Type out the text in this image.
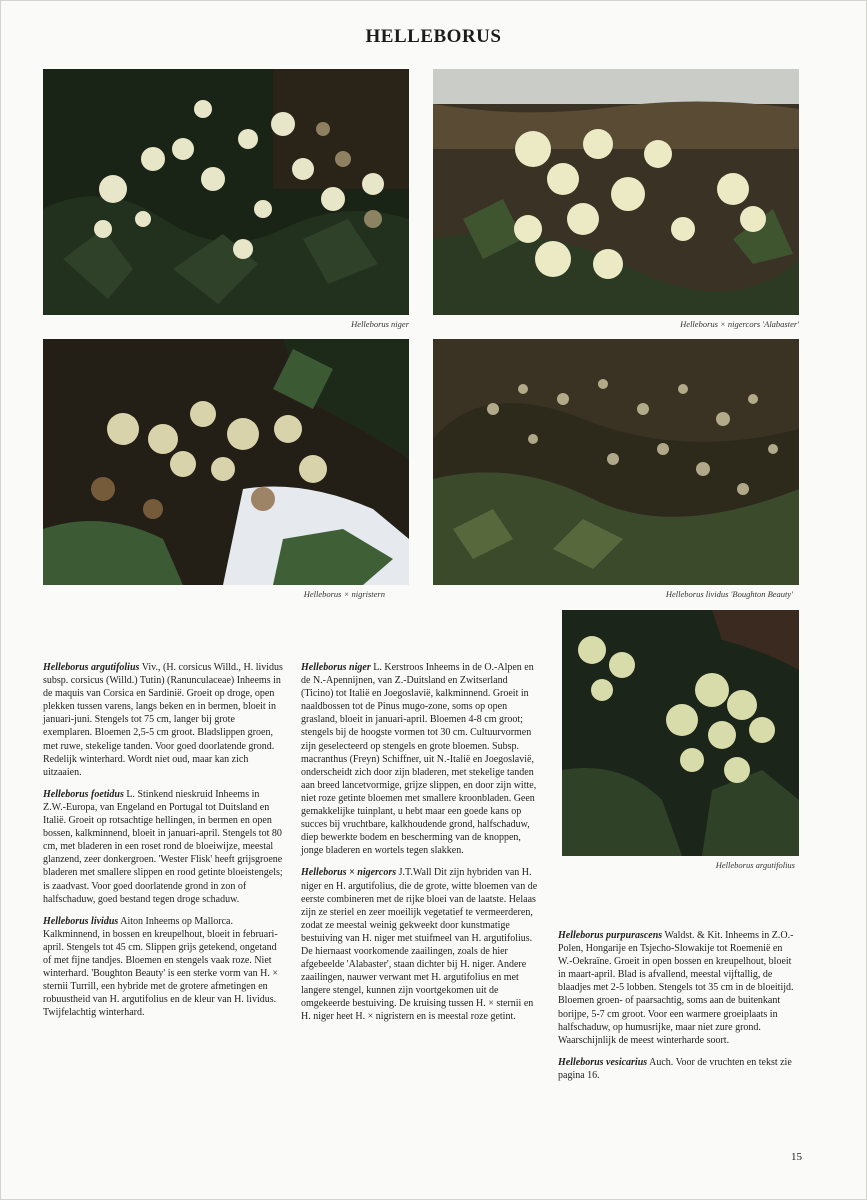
HELLEBORUS
Helleborus niger	Helleborus × nigercors 'Alabaster'
Helleborus × nigristern	Helleborus lividus 'Boughton Beauty'
Helleborus argutifolius

Helleborus argutifolius Viv., (H. corsicus Willd., H. lividus subsp. corsicus (Willd.) Tutin) (Ranunculaceae) Inheems in de maquis van Corsica en Sardinië. Groeit op droge, open plekken tussen varens, langs beken en in bermen, bloeit in januari-juni. Stengels tot 75 cm, langer bij grote exemplaren. Bloemen 2,5-5 cm groot. Bladslippen groen, met ruwe, stekelige tanden. Voor goed doorlatende grond. Redelijk winterhard. Wordt niet oud, maar kan zich uitzaaien.

Helleborus foetidus L. Stinkend nieskruid Inheems in Z.W.-Europa, van Engeland en Portugal tot Duitsland en Italië. Groeit op rotsachtige hellingen, in bermen en open bossen, kalkminnend, bloeit in januari-april. Stengels tot 80 cm, met bladeren in een roset rond de bloeiwijze, meestal glanzend, zeer donkergroen. 'Wester Flisk' heeft grijsgroene bladeren met smallere slippen en rood getinte bloeistengels; is zaadvast. Voor goed doorlatende grond in zon of halfschaduw, goed bestand tegen droge schaduw.

Helleborus lividus Aiton Inheems op Mallorca. Kalkminnend, in bossen en kreupelhout, bloeit in februari-april. Stengels tot 45 cm. Slippen grijs getekend, ongetand of met fijne tandjes. Bloemen en stengels vaak roze. Niet winterhard. 'Boughton Beauty' is een sterke vorm van H. × sternii Turrill, een hybride met de grotere afmetingen en robuustheid van H. argutifolius en de kleur van H. lividus. Twijfelachtig winterhard.

Helleborus niger L. Kerstroos Inheems in de O.-Alpen en de N.-Apennijnen, van Z.-Duitsland en Zwitserland (Ticino) tot Italië en Joegoslavië, kalkminnend. Groeit in naaldbossen tot de Pinus mugo-zone, soms op open grasland, bloeit in januari-april. Bloemen 4-8 cm groot; stengels bij de hoogste vormen tot 30 cm. Cultuurvormen zijn geselecteerd op stengels en grote bloemen. Subsp. macranthus (Freyn) Schiffner, uit N.-Italië en Joegoslavië, onderscheidt zich door zijn bladeren, met stekelige tanden aan breed lancetvormige, grijze slippen, en door zijn witte, niet roze getinte bloemen met smallere kroonbladen. Geen gemakkelijke tuinplant, u hebt maar een goede kans op succes bij vruchtbare, kalkhoudende grond, halfschaduw, diep bewerkte bodem en bescherming van de knoppen, jonge bladeren en wortels tegen slakken.

Helleborus × nigercors J.T.Wall Dit zijn hybriden van H. niger en H. argutifolius, die de grote, witte bloemen van de eerste combineren met de rijke bloei van de laatste. Helaas zijn ze steriel en zeer moeilijk vegetatief te vermeerderen, zodat ze meestal weinig gekweekt door kunstmatige bestuiving van H. niger met stuifmeel van H. argutifolius. De hiernaast voorkomende zaailingen, zoals de hier afgebeelde 'Alabaster', staan dichter bij H. niger. Andere zaailingen, nauwer verwant met H. argutifolius en met langere stengel, kunnen zijn voortgekomen uit de omgekeerde bestuiving. De kruising tussen H. × sternii en H. niger heet H. × nigristern en is meestal roze getint.

Helleborus purpurascens Waldst. & Kit. Inheems in Z.O.-Polen, Hongarije en Tsjecho-Slowakije tot Roemenië en W.-Oekraïne. Groeit in open bossen en kreupelhout, bloeit in maart-april. Blad is afvallend, meestal vijftallig, de blaadjes met 2-5 lobben. Stengels tot 35 cm in de bloeitijd. Bloemen groen- of paarsachtig, soms aan de buitenkant borijpe, 5-7 cm groot. Voor een warmere groeiplaats in halfschaduw, op humusrijke, maar niet zure grond. Waarschijnlijk de meest winterharde soort.

Helleborus vesicarius Auch. Voor de vruchten en tekst zie pagina 16.

15
